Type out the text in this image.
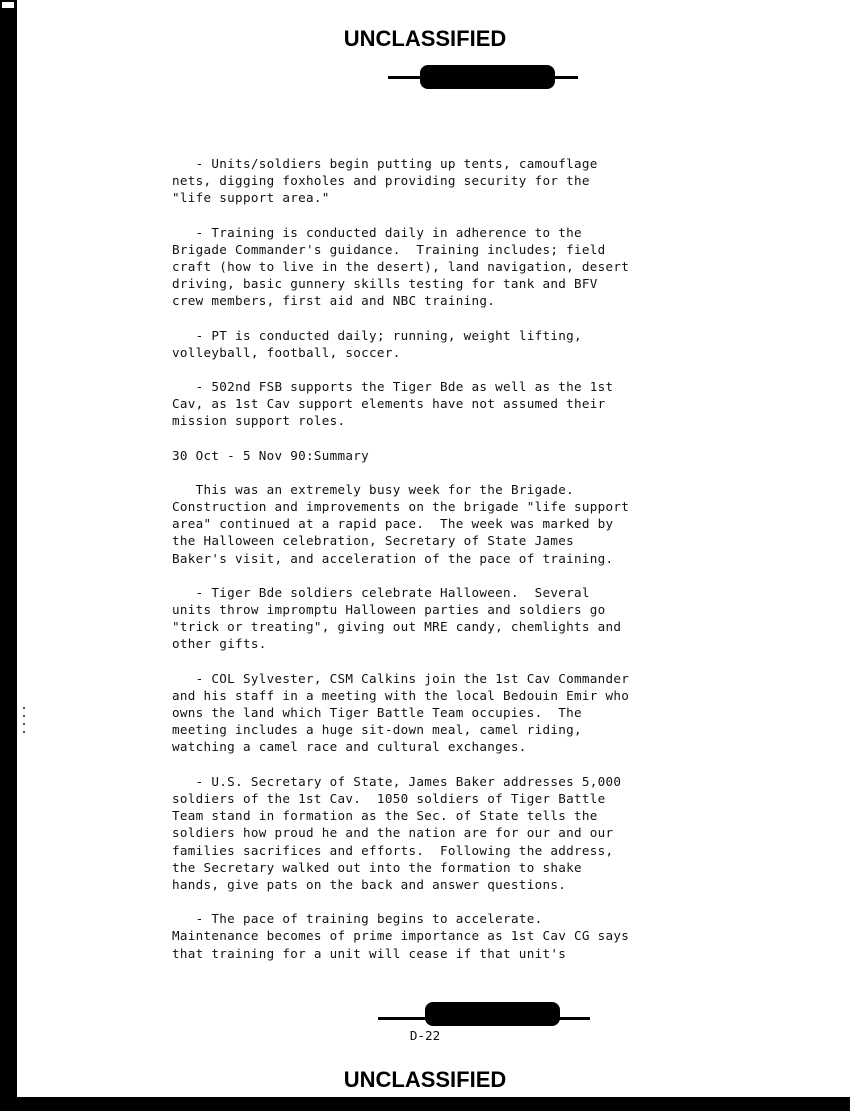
UNCLASSIFIED

- Units/soldiers begin putting up tents, camouflage
nets, digging foxholes and providing security for the
"life support area."

- Training is conducted daily in adherence to the
Brigade Commander's guidance.  Training includes; field
craft (how to live in the desert), land navigation, desert
driving, basic gunnery skills testing for tank and BFV
crew members, first aid and NBC training.

- PT is conducted daily; running, weight lifting,
volleyball, football, soccer.

- 502nd FSB supports the Tiger Bde as well as the 1st
Cav, as 1st Cav support elements have not assumed their
mission support roles.

30 Oct - 5 Nov 90:Summary

This was an extremely busy week for the Brigade.
Construction and improvements on the brigade "life support
area" continued at a rapid pace.  The week was marked by
the Halloween celebration, Secretary of State James
Baker's visit, and acceleration of the pace of training.

- Tiger Bde soldiers celebrate Halloween.  Several
units throw impromptu Halloween parties and soldiers go
"trick or treating", giving out MRE candy, chemlights and
other gifts.

- COL Sylvester, CSM Calkins join the 1st Cav Commander
and his staff in a meeting with the local Bedouin Emir who
owns the land which Tiger Battle Team occupies.  The
meeting includes a huge sit-down meal, camel riding,
watching a camel race and cultural exchanges.

- U.S. Secretary of State, James Baker addresses 5,000
soldiers of the 1st Cav.  1050 soldiers of Tiger Battle
Team stand in formation as the Sec. of State tells the
soldiers how proud he and the nation are for our and our
families sacrifices and efforts.  Following the address,
the Secretary walked out into the formation to shake
hands, give pats on the back and answer questions.

- The pace of training begins to accelerate.
Maintenance becomes of prime importance as 1st Cav CG says
that training for a unit will cease if that unit's

D-22
UNCLASSIFIED
